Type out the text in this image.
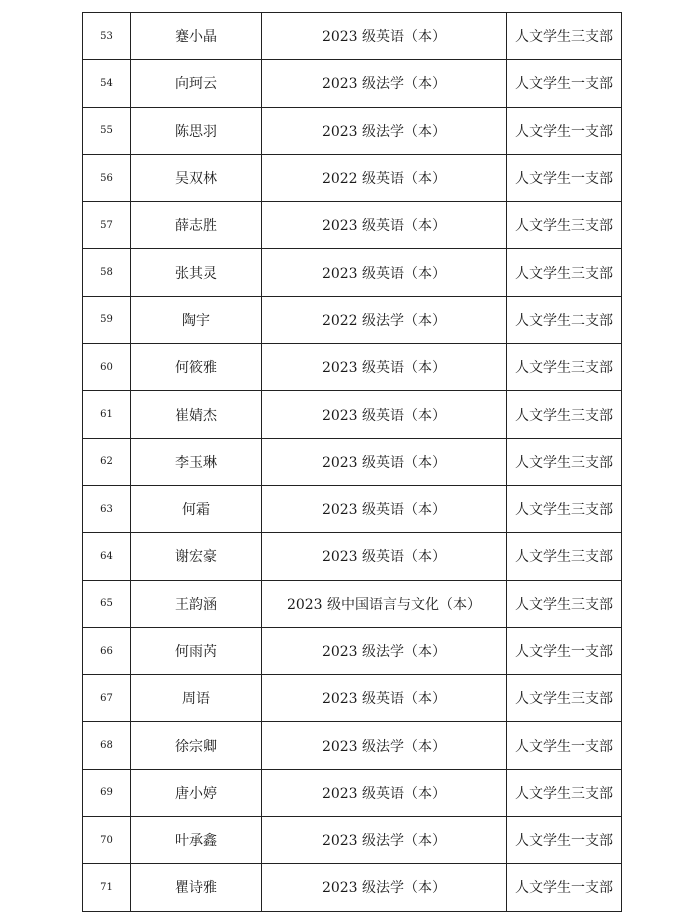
53	蹇小晶	2023 级英语（本）	人文学生三支部
54	向珂云	2023 级法学（本）	人文学生一支部
55	陈思羽	2023 级法学（本）	人文学生一支部
56	吴双林	2022 级英语（本）	人文学生一支部
57	薛志胜	2023 级英语（本）	人文学生三支部
58	张其灵	2023 级英语（本）	人文学生三支部
59	陶宇	2022 级法学（本）	人文学生二支部
60	何筱雅	2023 级英语（本）	人文学生三支部
61	崔婧杰	2023 级英语（本）	人文学生三支部
62	李玉琳	2023 级英语（本）	人文学生三支部
63	何霜	2023 级英语（本）	人文学生三支部
64	谢宏豪	2023 级英语（本）	人文学生三支部
65	王韵涵	2023 级中国语言与文化（本）	人文学生三支部
66	何雨芮	2023 级法学（本）	人文学生一支部
67	周语	2023 级英语（本）	人文学生三支部
68	徐宗卿	2023 级法学（本）	人文学生一支部
69	唐小婷	2023 级英语（本）	人文学生三支部
70	叶承鑫	2023 级法学（本）	人文学生一支部
71	瞿诗雅	2023 级法学（本）	人文学生一支部
